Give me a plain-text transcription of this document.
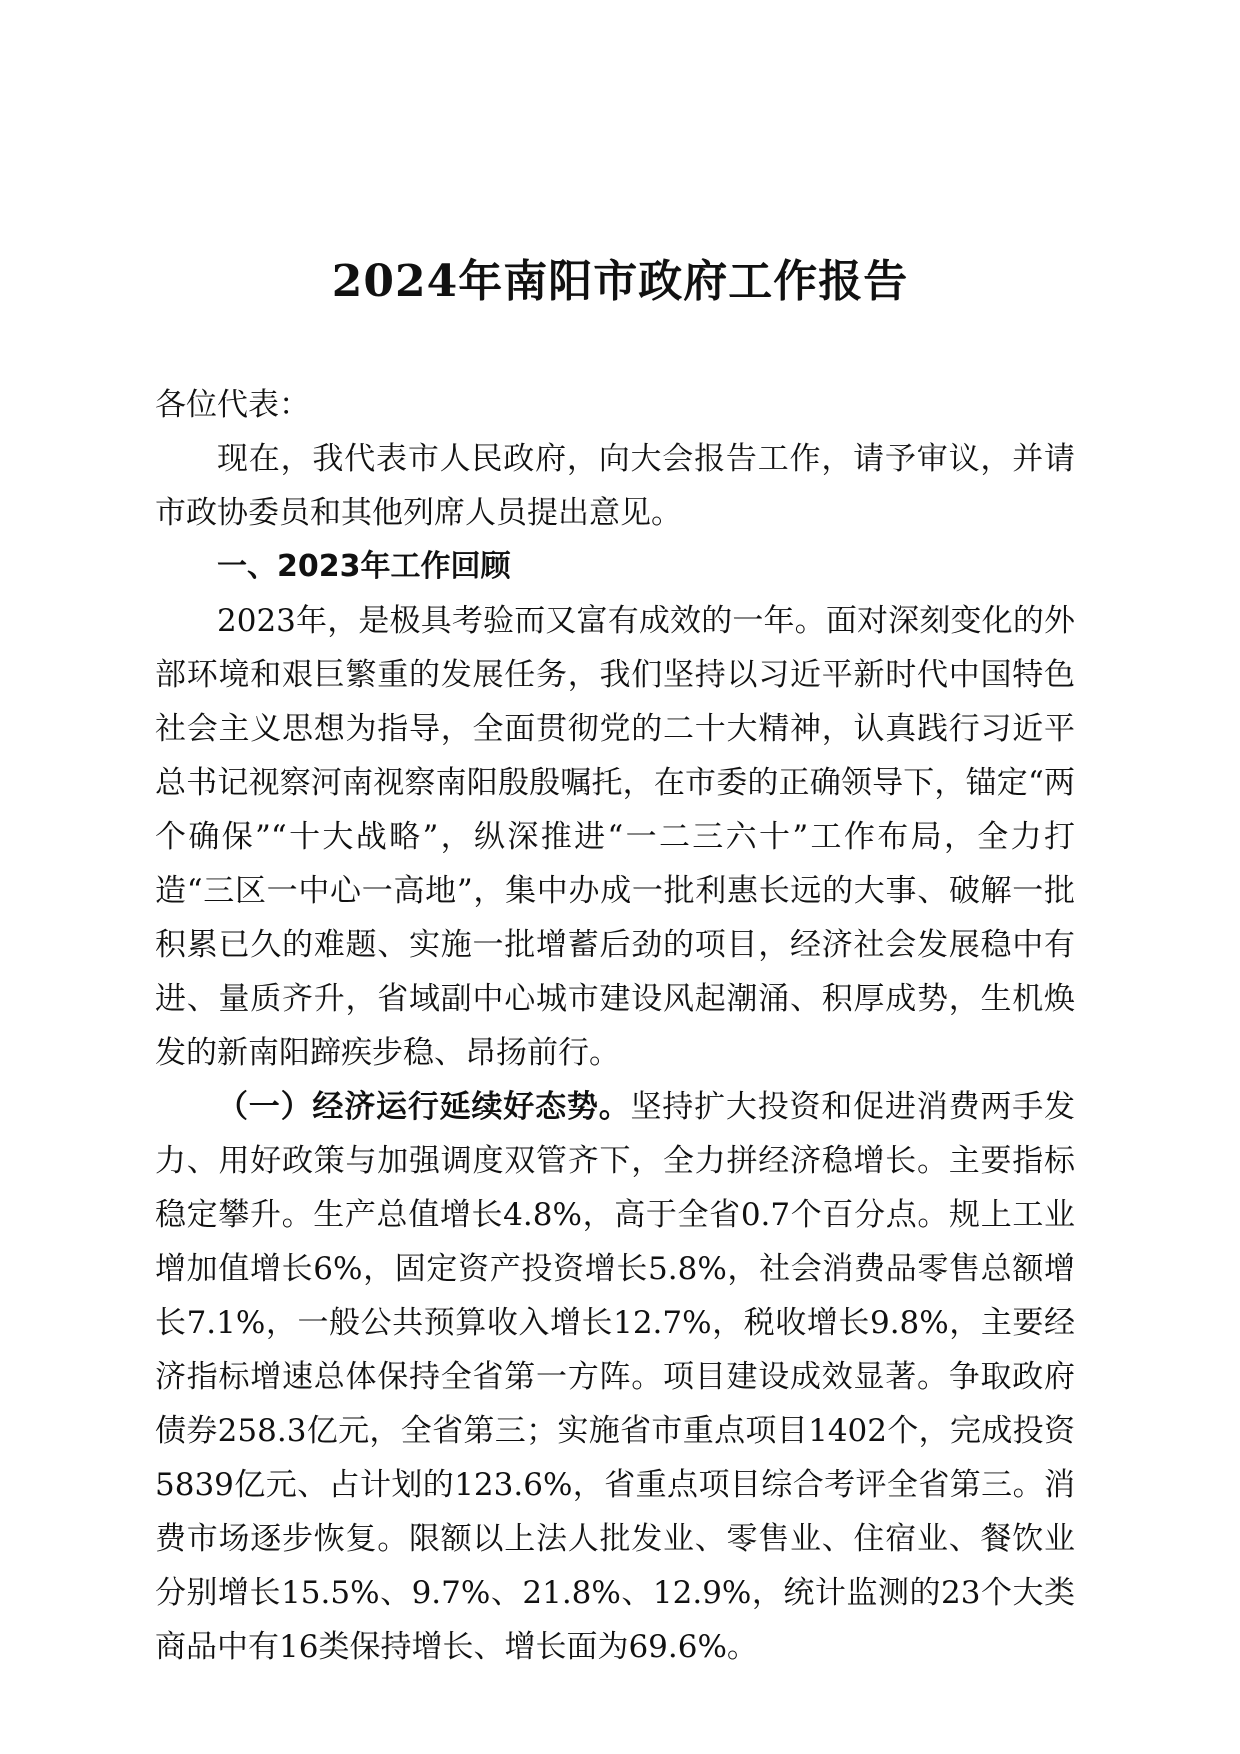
2024年南阳市政府工作报告

各位代表：

现在，我代表市人民政府，向大会报告工作，请予审议，并请市政协委员和其他列席人员提出意见。

一、2023年工作回顾

2023年，是极具考验而又富有成效的一年。面对深刻变化的外部环境和艰巨繁重的发展任务，我们坚持以习近平新时代中国特色社会主义思想为指导，全面贯彻党的二十大精神，认真践行习近平总书记视察河南视察南阳殷殷嘱托，在市委的正确领导下，锚定“两个确保”“十大战略”，纵深推进“一二三六十”工作布局，全力打造“三区一中心一高地”，集中办成一批利惠长远的大事、破解一批积累已久的难题、实施一批增蓄后劲的项目，经济社会发展稳中有进、量质齐升，省域副中心城市建设风起潮涌、积厚成势，生机焕发的新南阳蹄疾步稳、昂扬前行。

（一）经济运行延续好态势。坚持扩大投资和促进消费两手发力、用好政策与加强调度双管齐下，全力拼经济稳增长。主要指标稳定攀升。生产总值增长4.8%，高于全省0.7个百分点。规上工业增加值增长6%，固定资产投资增长5.8%，社会消费品零售总额增长7.1%，一般公共预算收入增长12.7%，税收增长9.8%，主要经济指标增速总体保持全省第一方阵。项目建设成效显著。争取政府债券258.3亿元，全省第三；实施省市重点项目1402个，完成投资5839亿元、占计划的123.6%，省重点项目综合考评全省第三。消费市场逐步恢复。限额以上法人批发业、零售业、住宿业、餐饮业分别增长15.5%、9.7%、21.8%、12.9%，统计监测的23个大类商品中有16类保持增长、增长面为69.6%。
